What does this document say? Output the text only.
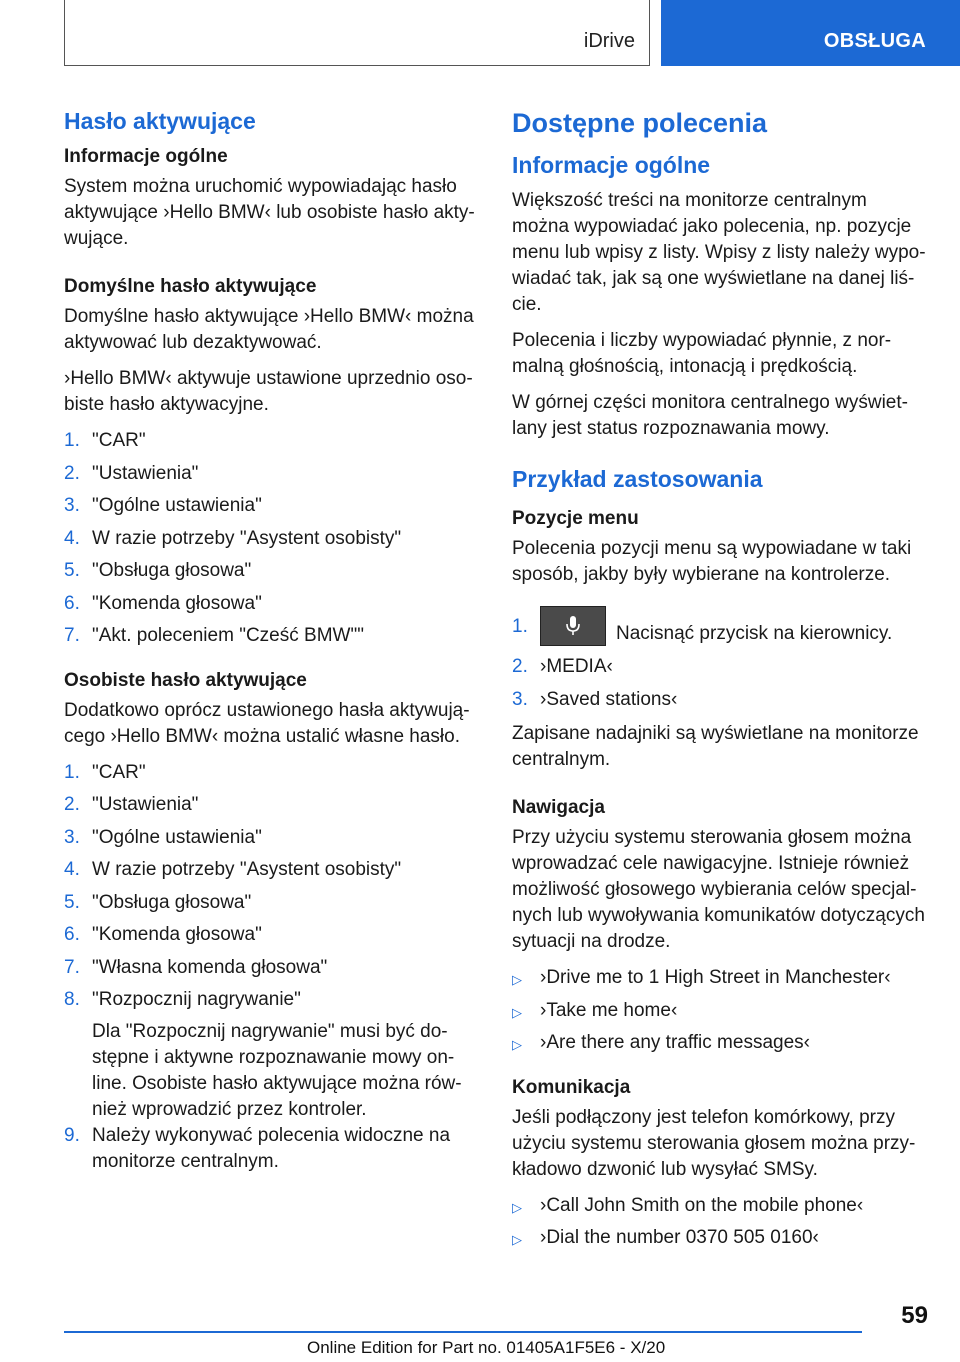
iDrive	OBSŁUGA
Hasło aktywujące
Informacje ogólne
System można uruchomić wypowiadając hasło aktywujące ›Hello BMW‹ lub osobiste hasło akty-wujące.
Domyślne hasło aktywujące
Domyślne hasło aktywujące ›Hello BMW‹ można aktywować lub dezaktywować.
›Hello BMW‹ aktywuje ustawione uprzednio oso-biste hasło aktywacyjne.
1. "CAR"
2. "Ustawienia"
3. "Ogólne ustawienia"
4. W razie potrzeby "Asystent osobisty"
5. "Obsługa głosowa"
6. "Komenda głosowa"
7. "Akt. poleceniem "Cześć BMW""
Osobiste hasło aktywujące
Dodatkowo oprócz ustawionego hasła aktywują-cego ›Hello BMW‹ można ustalić własne hasło.
1. "CAR"
2. "Ustawienia"
3. "Ogólne ustawienia"
4. W razie potrzeby "Asystent osobisty"
5. "Obsługa głosowa"
6. "Komenda głosowa"
7. "Własna komenda głosowa"
8. "Rozpocznij nagrywanie"
Dla "Rozpocznij nagrywanie" musi być do-stępne i aktywne rozpoznawanie mowy on-line. Osobiste hasło aktywujące można rów-nież wprowadzić przez kontroler.
9. Należy wykonywać polecenia widoczne na monitorze centralnym.
Dostępne polecenia
Informacje ogólne
Większość treści na monitorze centralnym można wypowiadać jako polecenia, np. pozycje menu lub wpisy z listy. Wpisy z listy należy wypo-wiadać tak, jak są one wyświetlane na danej liś-cie.
Polecenia i liczby wypowiadać płynnie, z nor-malną głośnością, intonacją i prędkością.
W górnej części monitora centralnego wyświet-lany jest status rozpoznawania mowy.
Przykład zastosowania
Pozycje menu
Polecenia pozycji menu są wypowiadane w taki sposób, jakby były wybierane na kontrolerze.
1.	Nacisnąć przycisk na kierownicy.
2. ›MEDIA‹
3. ›Saved stations‹
Zapisane nadajniki są wyświetlane na monitorze centralnym.
Nawigacja
Przy użyciu systemu sterowania głosem można wprowadzać cele nawigacyjne. Istnieje również możliwość głosowego wybierania celów specjal-nych lub wywoływania komunikatów dotyczących sytuacji na drodze.
▷ ›Drive me to 1 High Street in Manchester‹
▷ ›Take me home‹
▷ ›Are there any traffic messages‹
Komunikacja
Jeśli podłączony jest telefon komórkowy, przy użyciu systemu sterowania głosem można przy-kładowo dzwonić lub wysyłać SMSy.
▷ ›Call John Smith on the mobile phone‹
▷ ›Dial the number 0370 505 0160‹
59
Online Edition for Part no. 01405A1F5E6 - X/20
